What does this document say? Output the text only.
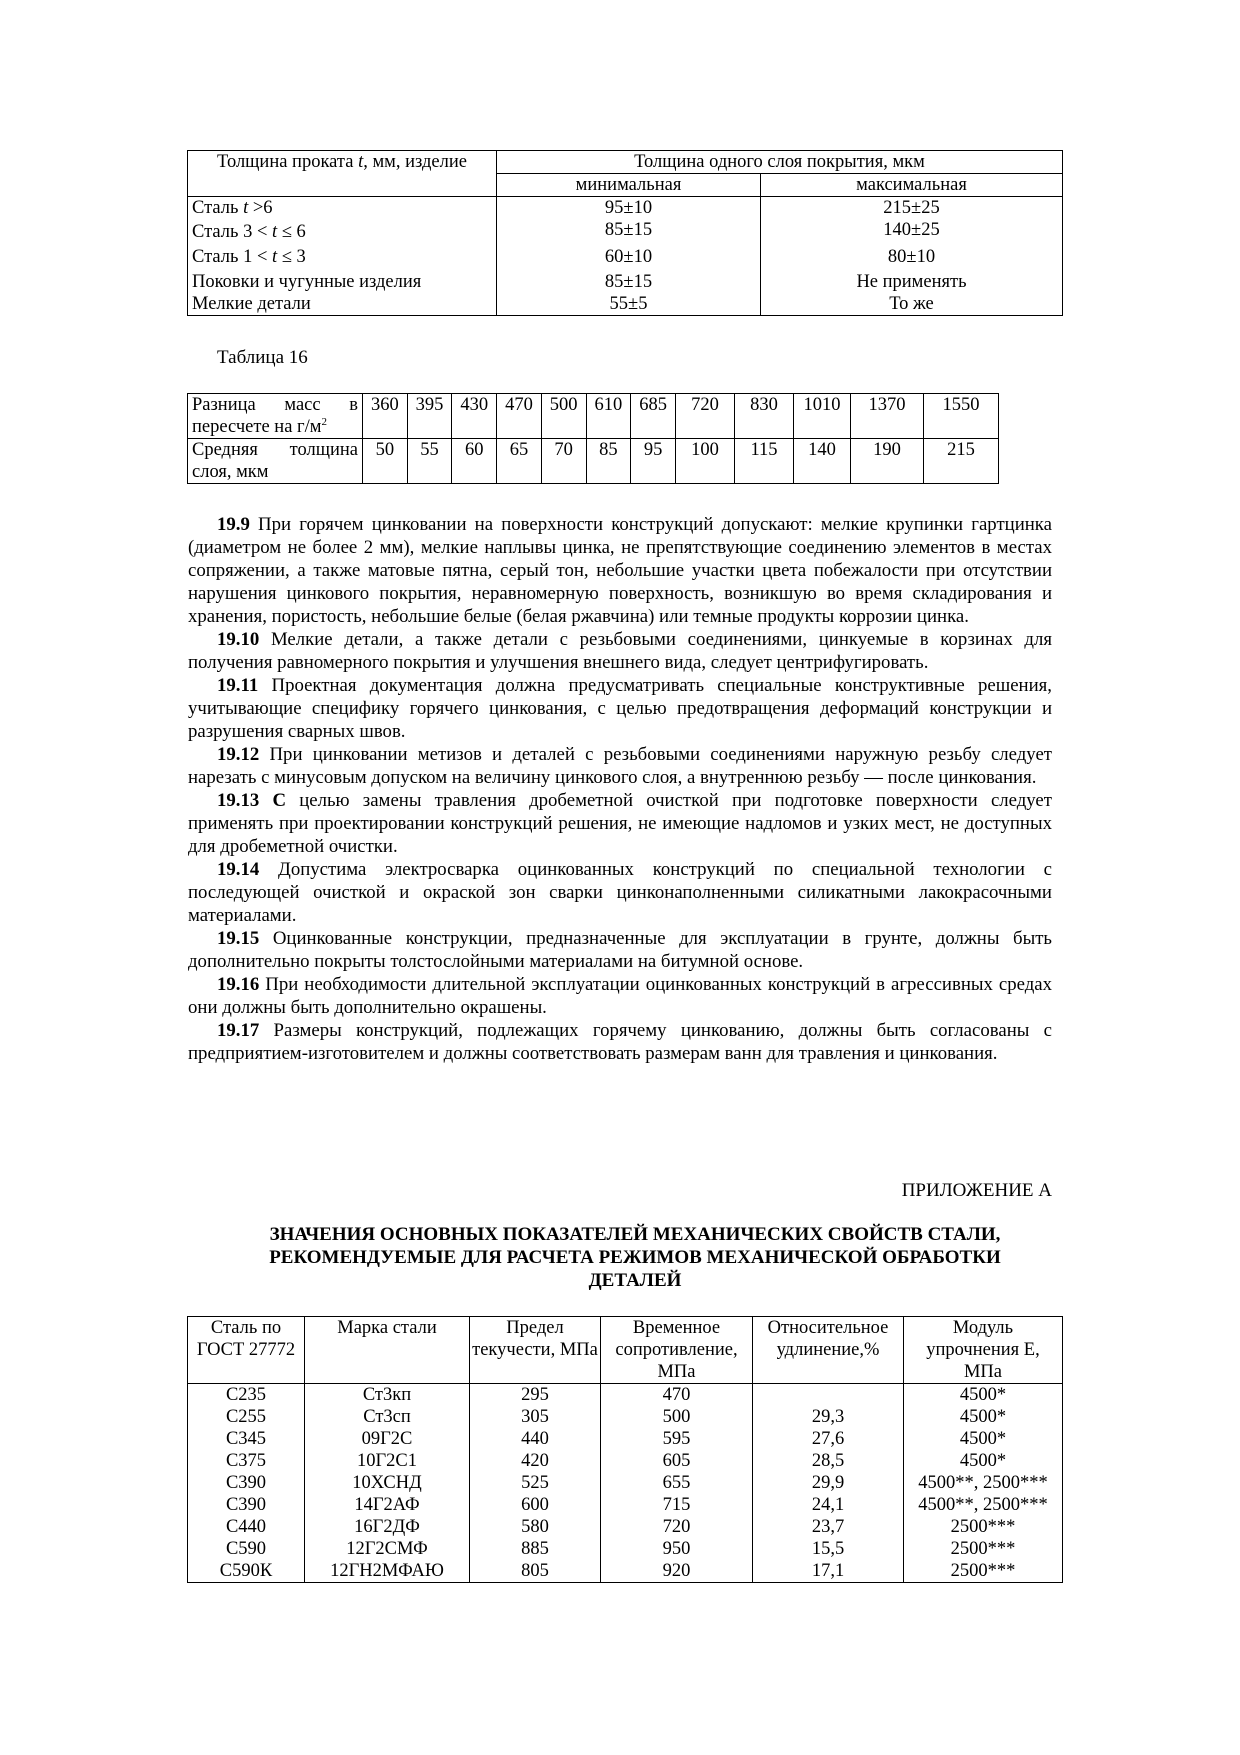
Толщина проката t, мм, изделие	Толщина одного слоя покрытия, мкм	
	минимальная	максимальная
Сталь t >6	95±10	215±25
Сталь 3 < t ≤ 6	85±15	140±25
Сталь 1 < t ≤ 3	60±10	80±10
Поковки и чугунные изделия	85±15	Не применять
Мелкие детали	55±5	То же
Таблица 16
Разница масс в
пересчете на $г/м^2$	360	395	430	470	500	610	685	720	830	1010	1370	1550

Средняя толщина
слоя, мкм	50	55	60	65	70	85	95	100	115	140	190	215

19.9 При горячем цинковании на поверхности конструкций допускают: мелкие крупинки гартцинка (диаметром не более 2 мм), мелкие наплывы цинка, не препятствующие соединению элементов в местах сопряжении, а также матовые пятна, серый тон, небольшие участки цвета побежалости при отсутствии нарушения цинкового покрытия, неравномерную поверхность, возникшую во время складирования и хранения, пористость, небольшие белые (белая ржавчина) или темные продукты коррозии цинка.

19.10 Мелкие детали, а также детали с резьбовыми соединениями, цинкуемые в корзинах для получения равномерного покрытия и улучшения внешнего вида, следует центрифугировать.

19.11 Проектная документация должна предусматривать специальные конструктивные решения, учитывающие специфику горячего цинкования, с целью предотвращения деформаций конструкции и разрушения сварных швов.

19.12 При цинковании метизов и деталей с резьбовыми соединениями наружную резьбу следует нарезать с минусовым допуском на величину цинкового слоя, а внутреннюю резьбу — после цинкования.

19.13 С целью замены травления дробеметной очисткой при подготовке поверхности следует применять при проектировании конструкций решения, не имеющие надломов и узких мест, не доступных для дробеметной очистки.

19.14 Допустима электросварка оцинкованных конструкций по специальной технологии с последующей очисткой и окраской зон сварки цинконаполненными силикатными лакокрасочными материалами.

19.15 Оцинкованные конструкции, предназначенные для эксплуатации в грунте, должны быть дополнительно покрыты толстослойными материалами на битумной основе.

19.16 При необходимости длительной эксплуатации оцинкованных конструкций в агрессивных средах они должны быть дополнительно окрашены.

19.17 Размеры конструкций, подлежащих горячему цинкованию, должны быть согласованы с предприятием-изготовителем и должны соответствовать размерам ванн для травления и цинкования.

ПРИЛОЖЕНИЕ А
ЗНАЧЕНИЯ ОСНОВНЫХ ПОКАЗАТЕЛЕЙ МЕХАНИЧЕСКИХ СВОЙСТВ СТАЛИ,
РЕКОМЕНДУЕМЫЕ ДЛЯ РАСЧЕТА РЕЖИМОВ МЕХАНИЧЕСКОЙ ОБРАБОТКИ
ДЕТАЛЕЙ
Сталь по ГОСТ 27772	Марка стали	Предел текучести, МПа	Временное сопротивление, МПа	Относительное удлинение,%	Модуль упрочнения Е, МПа
С235	Ст3кп	295	470		4500*
С255	Ст3сп	305	500	29,3	4500*
С345	09Г2С	440	595	27,6	4500*
С375	10Г2С1	420	605	28,5	4500*
С390	10ХСНД	525	655	29,9	4500**, 2500***
С390	14Г2АФ	600	715	24,1	4500**, 2500***
С440	16Г2ДФ	580	720	23,7	2500***
С590	12Г2СМФ	885	950	15,5	2500***
С590К	12ГН2МФАЮ	805	920	17,1	2500***
